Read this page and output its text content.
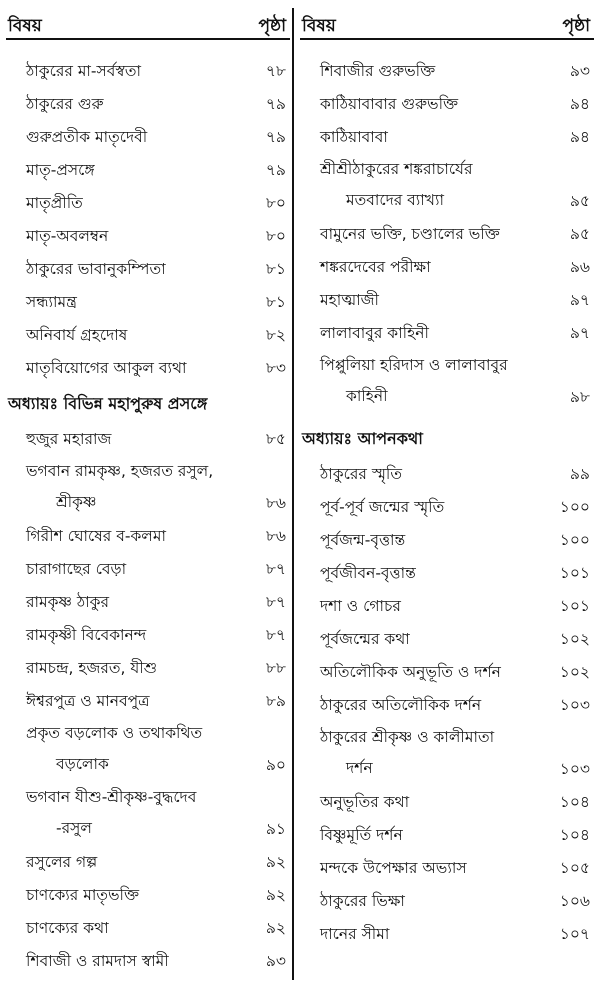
বিষয়	পৃষ্ঠা
ঠাকুরের মা-সর্বস্বতা	৭৮
ঠাকুরের গুরু	৭৯
গুরুপ্রতীক মাতৃদেবী	৭৯
মাতৃ-প্রসঙ্গে	৭৯
মাতৃপ্রীতি	৮০
মাতৃ-অবলম্বন	৮০
ঠাকুরের ভাবানুকম্পিতা	৮১
সন্ধ্যামন্ত্র	৮১
অনিবার্য গ্রহদোষ	৮২
মাতৃবিয়োগের আকুল ব্যথা	৮৩
অধ্যায়ঃ বিভিন্ন মহাপুরুষ প্রসঙ্গে
হুজুর মহারাজ	৮৫
ভগবান রামকৃষ্ণ, হজরত রসুল,
শ্রীকৃষ্ণ	৮৬
গিরীশ ঘোষের ব-কলমা	৮৬
চারাগাছের বেড়া	৮৭
রামকৃষ্ণ ঠাকুর	৮৭
রামকৃষ্ণী বিবেকানন্দ	৮৭
রামচন্দ্র, হজরত, যীশু	৮৮
ঈশ্বরপুত্র ও মানবপুত্র	৮৯
প্রকৃত বড়লোক ও তথাকথিত
বড়লোক	৯০
ভগবান যীশু-শ্রীকৃষ্ণ-বুদ্ধদেব
-রসুল	৯১
রসুলের গল্প	৯২
চাণক্যের মাতৃভক্তি	৯২
চাণক্যের কথা	৯২
শিবাজী ও রামদাস স্বামী	৯৩
বিষয়	পৃষ্ঠা
শিবাজীর গুরুভক্তি	৯৩
কাঠিয়াবাবার গুরুভক্তি	৯৪
কাঠিয়াবাবা	৯৪
শ্রীশ্রীঠাকুরের শঙ্করাচার্যের
মতবাদের ব্যাখ্যা	৯৫
বামুনের ভক্তি, চণ্ডালের ভক্তি	৯৫
শঙ্করদেবের পরীক্ষা	৯৬
মহাত্মাজী	৯৭
লালাবাবুর কাহিনী	৯৭
পিপ্পুলিয়া হরিদাস ও লালাবাবুর
কাহিনী	৯৮
অধ্যায়ঃ আপনকথা
ঠাকুরের স্মৃতি	৯৯
পূর্ব-পূর্ব জন্মের স্মৃতি	১০০
পূর্বজন্ম-বৃত্তান্ত	১০০
পূর্বজীবন-বৃত্তান্ত	১০১
দশা ও গোচর	১০১
পূর্বজন্মের কথা	১০২
অতিলৌকিক অনুভূতি ও দর্শন	১০২
ঠাকুরের অতিলৌকিক দর্শন	১০৩
ঠাকুরের শ্রীকৃষ্ণ ও কালীমাতা
দর্শন	১০৩
অনুভূতির কথা	১০৪
বিষ্ণুমূর্তি দর্শন	১০৪
মন্দকে উপেক্ষার অভ্যাস	১০৫
ঠাকুরের ভিক্ষা	১০৬
দানের সীমা	১০৭
